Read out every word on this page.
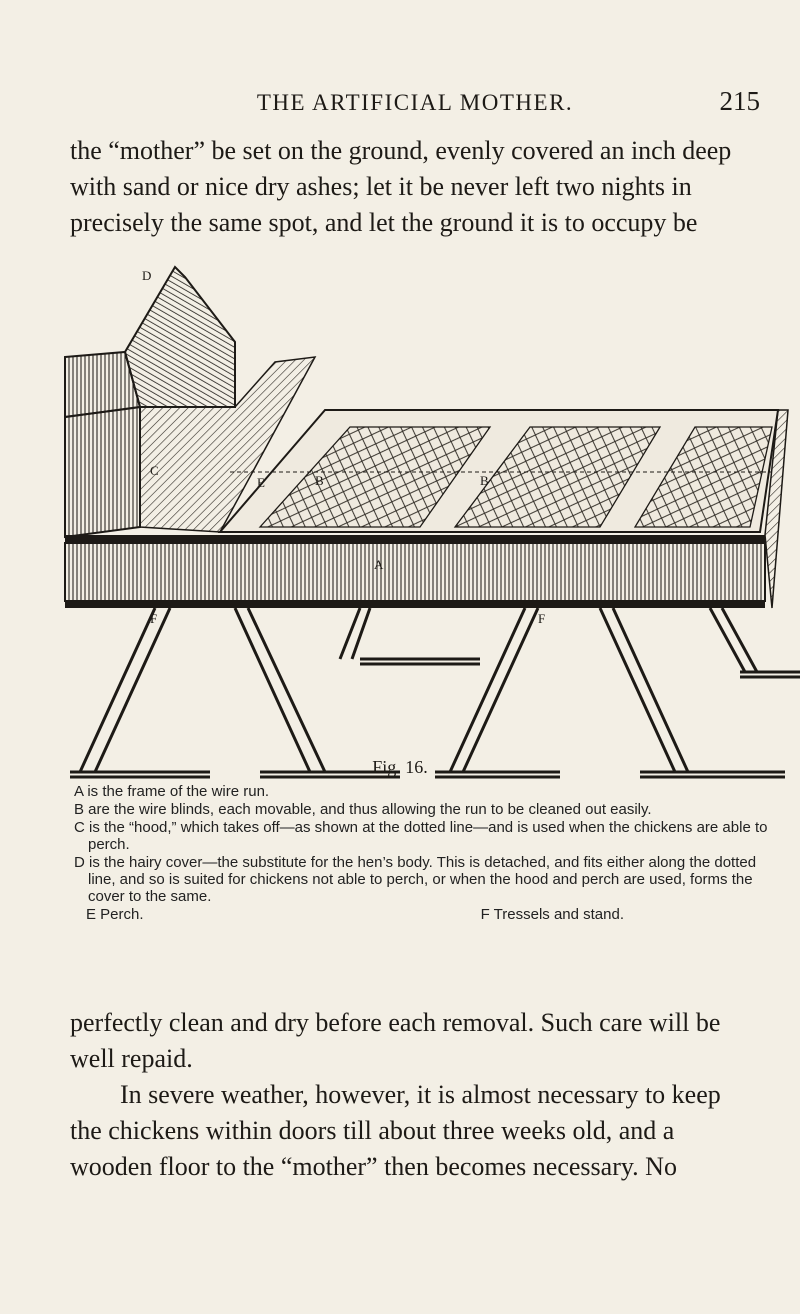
THE ARTIFICIAL MOTHER.	215

the “mother” be set on the ground, evenly covered an inch deep
with sand or nice dry ashes; let it be never left two nights in
precisely the same spot, and let the ground it is to occupy be

D
C
E	B	B
A
F	F
Fig. 16.
A is the frame of the wire run.
B are the wire blinds, each movable, and thus allowing the run to be cleaned out easily.
C is the “hood,” which takes off—as shown at the dotted line—and is used when the chickens are able to perch.
D is the hairy cover—the substitute for the hen’s body. This is detached, and fits either along the dotted line, and so is suited for chickens not able to perch, or when the hood and perch are used, forms the cover to the same.
E Perch.	F Tressels and stand.
perfectly clean and dry before each removal. Such care will be
well repaid.
In severe weather, however, it is almost necessary to keep
the chickens within doors till about three weeks old, and a
wooden floor to the “mother” then becomes necessary. No
